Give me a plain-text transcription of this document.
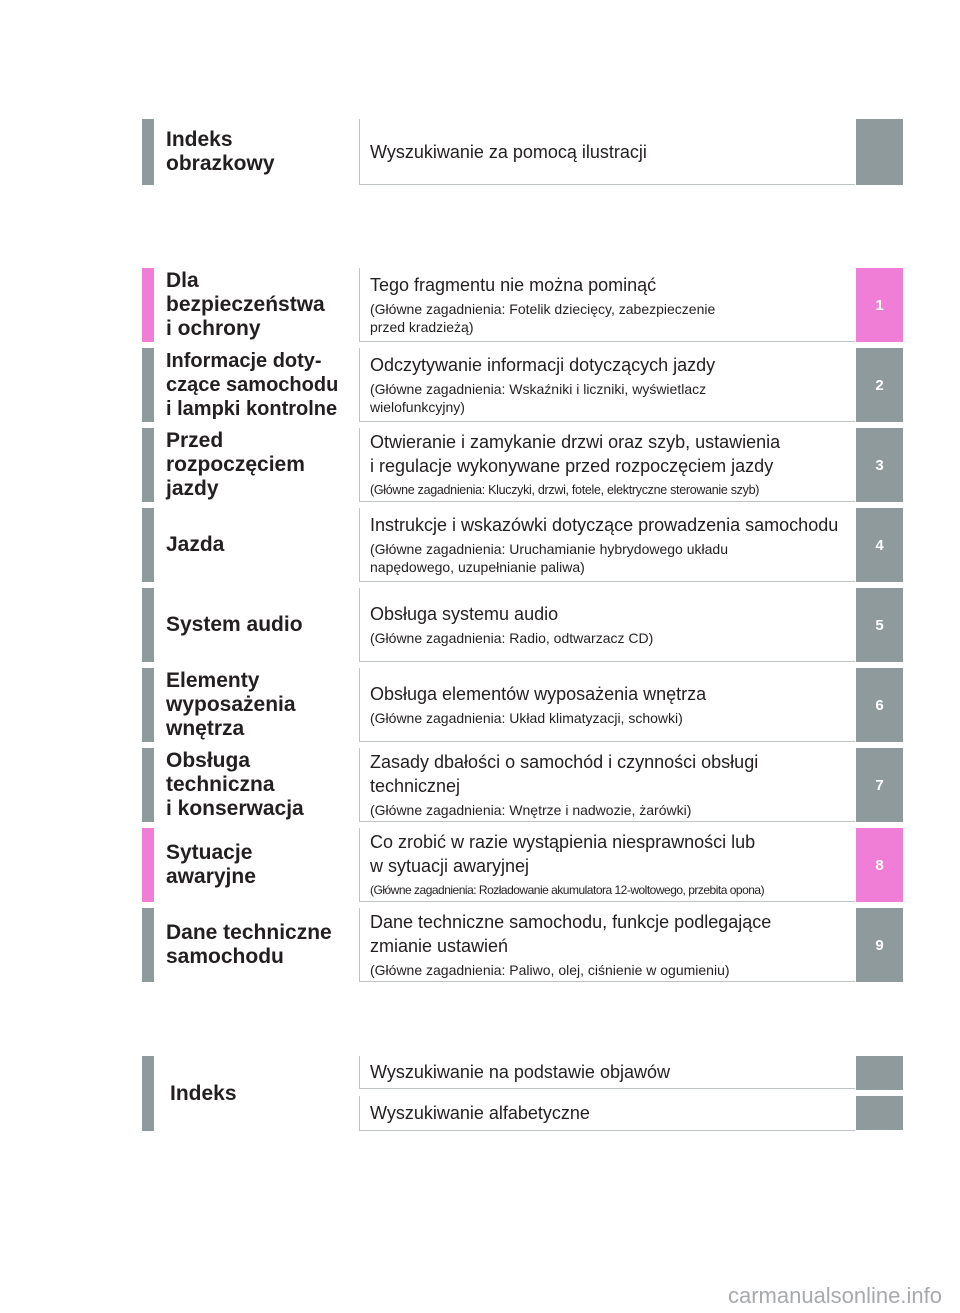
Indeks
obrazkowy
Wyszukiwanie za pomocą ilustracji
Dla
bezpieczeństwa
i ochrony
Tego fragmentu nie można pominąć
(Główne zagadnienia: Fotelik dziecięcy, zabezpieczenie
przed kradzieżą)
1
Informacje doty-
czące samochodu
i lampki kontrolne
Odczytywanie informacji dotyczących jazdy
(Główne zagadnienia: Wskaźniki i liczniki, wyświetlacz
wielofunkcyjny)
2
Przed
rozpoczęciem
jazdy
Otwieranie i zamykanie drzwi oraz szyb, ustawienia
i regulacje wykonywane przed rozpoczęciem jazdy
(Główne zagadnienia: Kluczyki, drzwi, fotele, elektryczne sterowanie szyb)
3
Jazda
Instrukcje i wskazówki dotyczące prowadzenia samochodu
(Główne zagadnienia: Uruchamianie hybrydowego układu
napędowego, uzupełnianie paliwa)
4
System audio	Obsługa systemu audio
(Główne zagadnienia: Radio, odtwarzacz CD)
5
Elementy
wyposażenia
wnętrza
Obsługa elementów wyposażenia wnętrza
(Główne zagadnienia: Układ klimatyzacji, schowki)
6
Obsługa
techniczna
i konserwacja
Zasady dbałości o samochód i czynności obsługi
technicznej
(Główne zagadnienia: Wnętrze i nadwozie, żarówki)
7
Sytuacje
awaryjne
Co zrobić w razie wystąpienia niesprawności lub
w sytuacji awaryjnej
(Główne zagadnienia: Rozładowanie akumulatora 12-woltowego, przebita opona)
8
Dane techniczne
samochodu
Dane techniczne samochodu, funkcje podlegające
zmianie ustawień
(Główne zagadnienia: Paliwo, olej, ciśnienie w ogumieniu)
9
Indeks
Wyszukiwanie na podstawie objawów
Wyszukiwanie alfabetyczne
carmanualsonline.info
